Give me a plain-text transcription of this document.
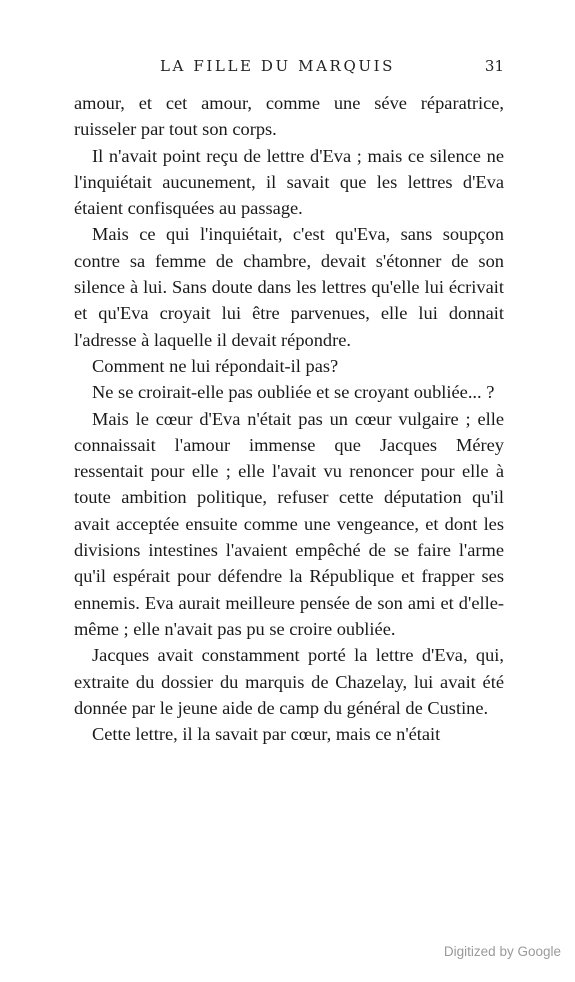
LA FILLE DU MARQUIS	31

amour, et cet amour, comme une séve réparatrice, ruisseler par tout son corps.

Il n'avait point reçu de lettre d'Eva ; mais ce silence ne l'inquiétait aucunement, il savait que les lettres d'Eva étaient confisquées au passage.

Mais ce qui l'inquiétait, c'est qu'Eva, sans soupçon contre sa femme de chambre, devait s'étonner de son silence à lui. Sans doute dans les lettres qu'elle lui écrivait et qu'Eva croyait lui être parvenues, elle lui donnait l'adresse à laquelle il devait répondre.

Comment ne lui répondait-il pas?

Ne se croirait-elle pas oubliée et se croyant oubliée... ?

Mais le cœur d'Eva n'était pas un cœur vulgaire ; elle connaissait l'amour immense que Jacques Mérey ressentait pour elle ; elle l'avait vu renoncer pour elle à toute ambition politique, refuser cette députation qu'il avait acceptée ensuite comme une vengeance, et dont les divisions intestines l'avaient empêché de se faire l'arme qu'il espérait pour défendre la République et frapper ses ennemis. Eva aurait meilleure pensée de son ami et d'elle-même ; elle n'avait pas pu se croire oubliée.

Jacques avait constamment porté la lettre d'Eva, qui, extraite du dossier du marquis de Chazelay, lui avait été donnée par le jeune aide de camp du général de Custine.

Cette lettre, il la savait par cœur, mais ce n'était

Digitized by Google
